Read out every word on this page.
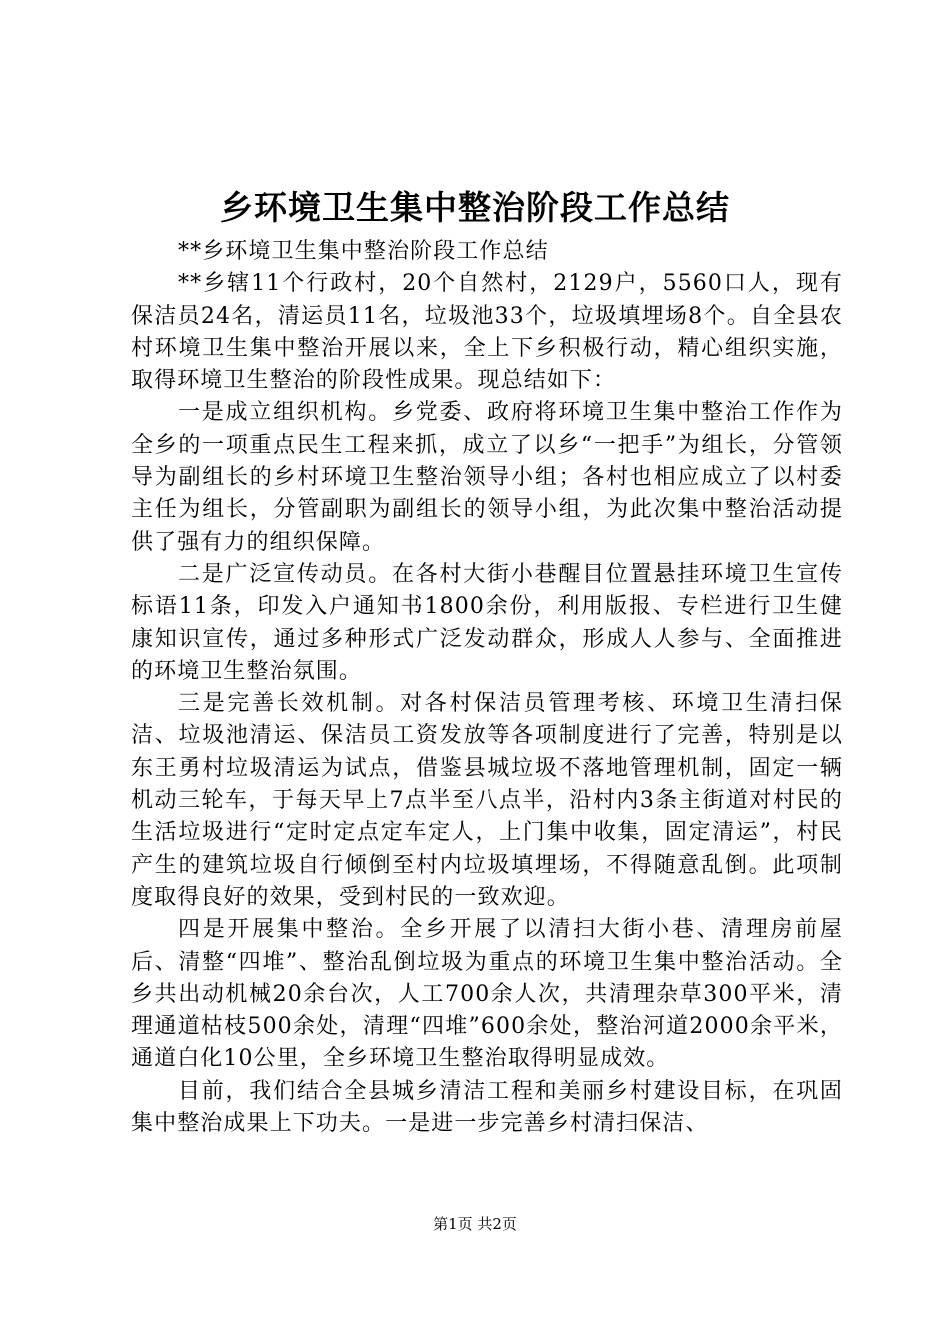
乡环境卫生集中整治阶段工作总结

**乡环境卫生集中整治阶段工作总结

**乡辖11个行政村，20个自然村，2129户，5560口人，现有保洁员24名，清运员11名，垃圾池33个，垃圾填埋场8个。自全县农村环境卫生集中整治开展以来，全上下乡积极行动，精心组织实施，取得环境卫生整治的阶段性成果。现总结如下：

一是成立组织机构。乡党委、政府将环境卫生集中整治工作作为全乡的一项重点民生工程来抓，成立了以乡“一把手”为组长，分管领导为副组长的乡村环境卫生整治领导小组；各村也相应成立了以村委主任为组长，分管副职为副组长的领导小组，为此次集中整治活动提供了强有力的组织保障。

二是广泛宣传动员。在各村大街小巷醒目位置悬挂环境卫生宣传标语11条，印发入户通知书1800余份，利用版报、专栏进行卫生健康知识宣传，通过多种形式广泛发动群众，形成人人参与、全面推进的环境卫生整治氛围。

三是完善长效机制。对各村保洁员管理考核、环境卫生清扫保洁、垃圾池清运、保洁员工资发放等各项制度进行了完善，特别是以东王勇村垃圾清运为试点，借鉴县城垃圾不落地管理机制，固定一辆机动三轮车，于每天早上7点半至八点半，沿村内3条主街道对村民的生活垃圾进行“定时定点定车定人，上门集中收集，固定清运”，村民产生的建筑垃圾自行倾倒至村内垃圾填埋场，不得随意乱倒。此项制度取得良好的效果，受到村民的一致欢迎。

四是开展集中整治。全乡开展了以清扫大街小巷、清理房前屋后、清整“四堆”、整治乱倒垃圾为重点的环境卫生集中整治活动。全乡共出动机械20余台次，人工700余人次，共清理杂草300平米，清理通道枯枝500余处，清理“四堆”600余处，整治河道2000余平米，通道白化10公里，全乡环境卫生整治取得明显成效。

目前，我们结合全县城乡清洁工程和美丽乡村建设目标，在巩固集中整治成果上下功夫。一是进一步完善乡村清扫保洁、

第1页 共2页
